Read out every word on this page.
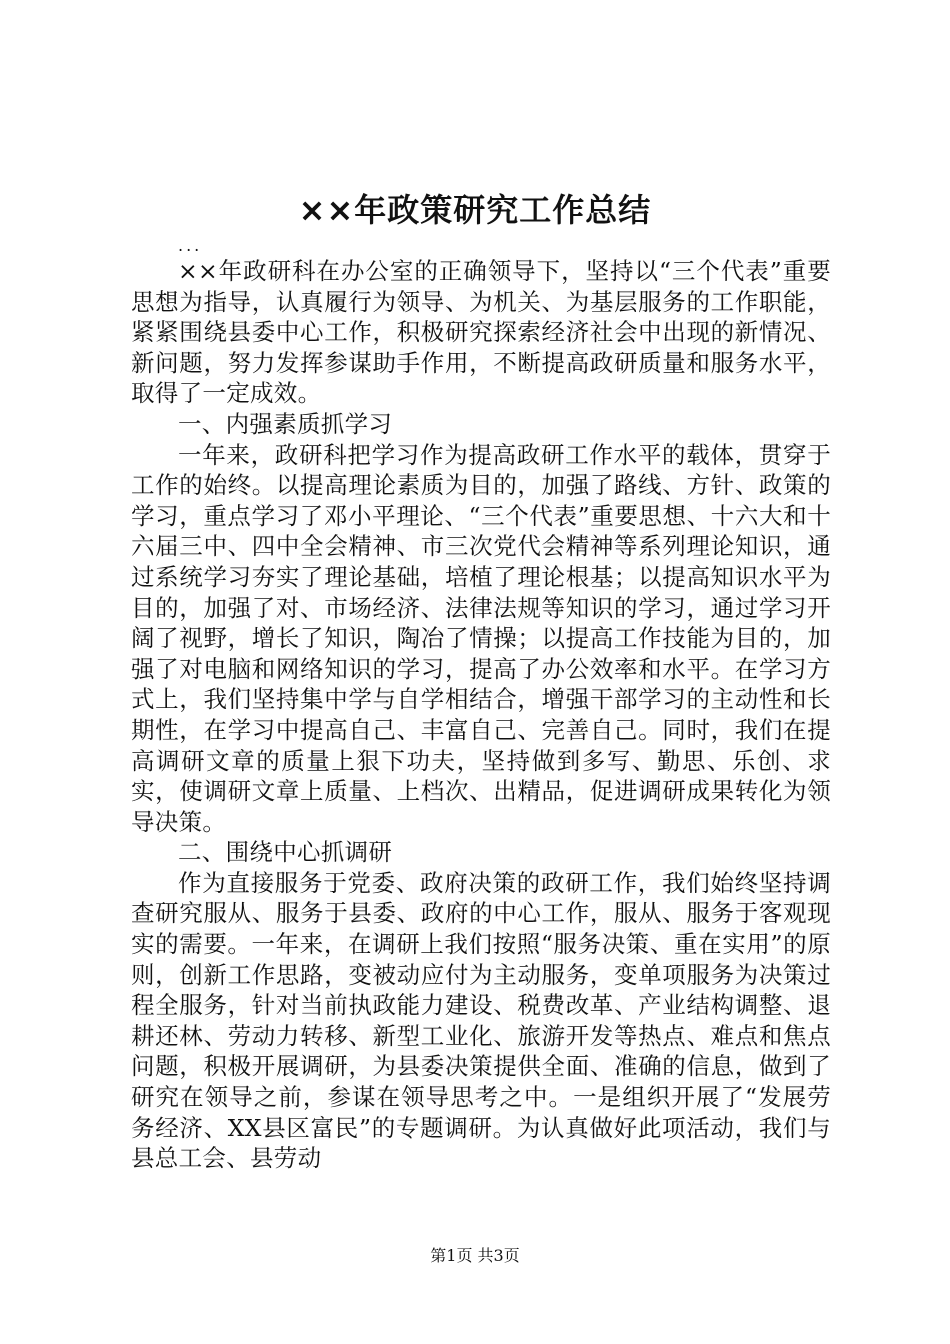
××年政策研究工作总结

...

××年政研科在办公室的正确领导下，坚持以“三个代表”重要思想为指导，认真履行为领导、为机关、为基层服务的工作职能，紧紧围绕县委中心工作，积极研究探索经济社会中出现的新情况、新问题，努力发挥参谋助手作用，不断提高政研质量和服务水平，取得了一定成效。

一、内强素质抓学习

一年来，政研科把学习作为提高政研工作水平的载体，贯穿于工作的始终。以提高理论素质为目的，加强了路线、方针、政策的学习，重点学习了邓小平理论、“三个代表”重要思想、十六大和十六届三中、四中全会精神、市三次党代会精神等系列理论知识，通过系统学习夯实了理论基础，培植了理论根基；以提高知识水平为目的，加强了对、市场经济、法律法规等知识的学习，通过学习开阔了视野，增长了知识，陶冶了情操；以提高工作技能为目的，加强了对电脑和网络知识的学习，提高了办公效率和水平。在学习方式上，我们坚持集中学与自学相结合，增强干部学习的主动性和长期性，在学习中提高自己、丰富自己、完善自己。同时，我们在提高调研文章的质量上狠下功夫，坚持做到多写、勤思、乐创、求实，使调研文章上质量、上档次、出精品，促进调研成果转化为领导决策。

二、围绕中心抓调研

作为直接服务于党委、政府决策的政研工作，我们始终坚持调查研究服从、服务于县委、政府的中心工作，服从、服务于客观现实的需要。一年来，在调研上我们按照“服务决策、重在实用”的原则，创新工作思路，变被动应付为主动服务，变单项服务为决策过程全服务，针对当前执政能力建设、税费改革、产业结构调整、退耕还林、劳动力转移、新型工业化、旅游开发等热点、难点和焦点问题，积极开展调研，为县委决策提供全面、准确的信息，做到了研究在领导之前，参谋在领导思考之中。一是组织开展了“发展劳务经济、XX县区富民”的专题调研。为认真做好此项活动，我们与县总工会、县劳动

第1页 共3页
